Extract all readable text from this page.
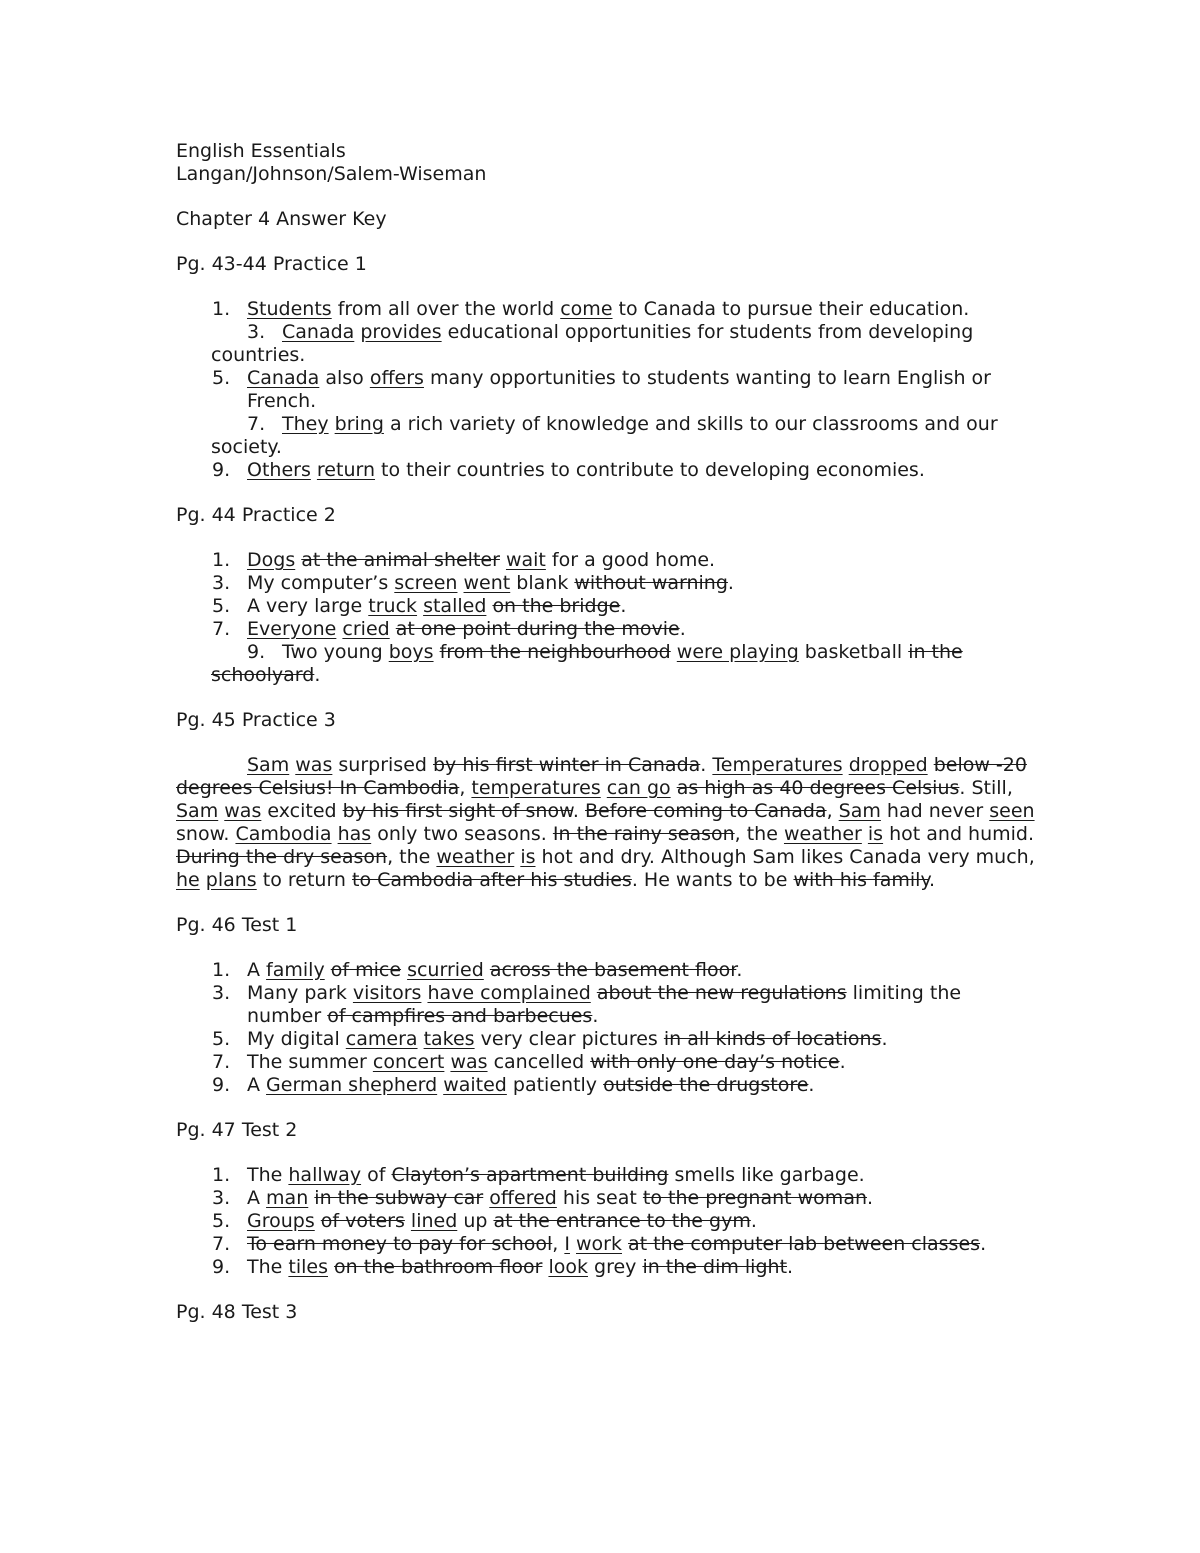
English Essentials
Langan/Johnson/Salem-Wiseman
Chapter 4 Answer Key
Pg. 43-44 Practice 1
1. Students from all over the world come to Canada to pursue their education.
3. Canada provides educational opportunities for students from developing countries.
5. Canada also offers many opportunities to students wanting to learn English or French.
7. They bring a rich variety of knowledge and skills to our classrooms and our society.
9. Others return to their countries to contribute to developing economies.
Pg. 44 Practice 2
1. Dogs at the animal shelter wait for a good home.
3. My computer’s screen went blank without warning.
5. A very large truck stalled on the bridge.
7. Everyone cried at one point during the movie.
9. Two young boys from the neighbourhood were playing basketball in the schoolyard.
Pg. 45 Practice 3
Sam was surprised by his first winter in Canada. Temperatures dropped below -20 degrees Celsius! In Cambodia, temperatures can go as high as 40 degrees Celsius. Still, Sam was excited by his first sight of snow. Before coming to Canada, Sam had never seen snow. Cambodia has only two seasons. In the rainy season, the weather is hot and humid. During the dry season, the weather is hot and dry. Although Sam likes Canada very much, he plans to return to Cambodia after his studies. He wants to be with his family.
Pg. 46 Test 1
1. A family of mice scurried across the basement floor.
3. Many park visitors have complained about the new regulations limiting the number of campfires and barbecues.
5. My digital camera takes very clear pictures in all kinds of locations.
7. The summer concert was cancelled with only one day’s notice.
9. A German shepherd waited patiently outside the drugstore.
Pg. 47 Test 2
1. The hallway of Clayton’s apartment building smells like garbage.
3. A man in the subway car offered his seat to the pregnant woman.
5. Groups of voters lined up at the entrance to the gym.
7. To earn money to pay for school, I work at the computer lab between classes.
9. The tiles on the bathroom floor look grey in the dim light.
Pg. 48 Test 3
